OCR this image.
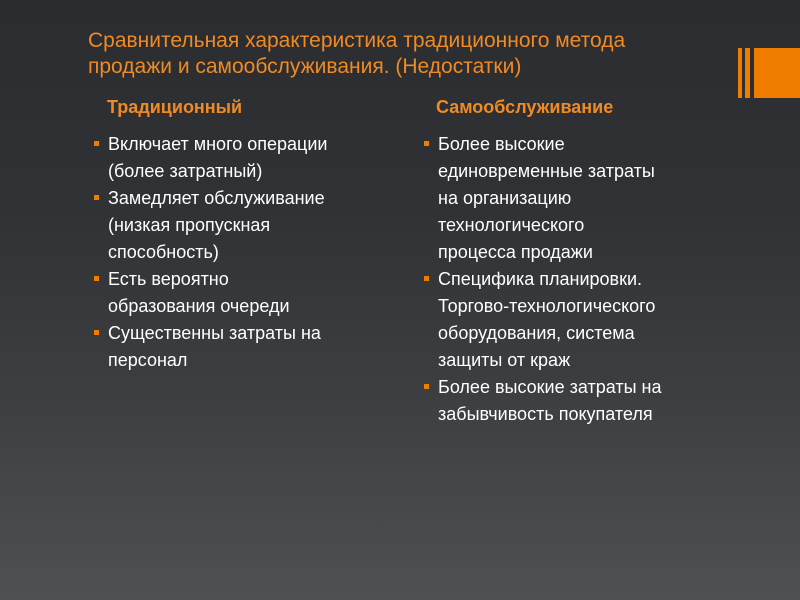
Сравнительная характеристика традиционного метода
продажи и самообслуживания. (Недостатки)
Традиционный	Самообслуживание
Включает много операции
(более затратный)
Замедляет обслуживание
(низкая пропускная
способность)
Есть вероятно
образования очереди
Существенны затраты на
персонал
Более высокие
единовременные затраты
на организацию
технологического
процесса продажи
Специфика планировки.
Торгово-технологического
оборудования, система
защиты от краж
Более высокие затраты на
забывчивость покупателя
